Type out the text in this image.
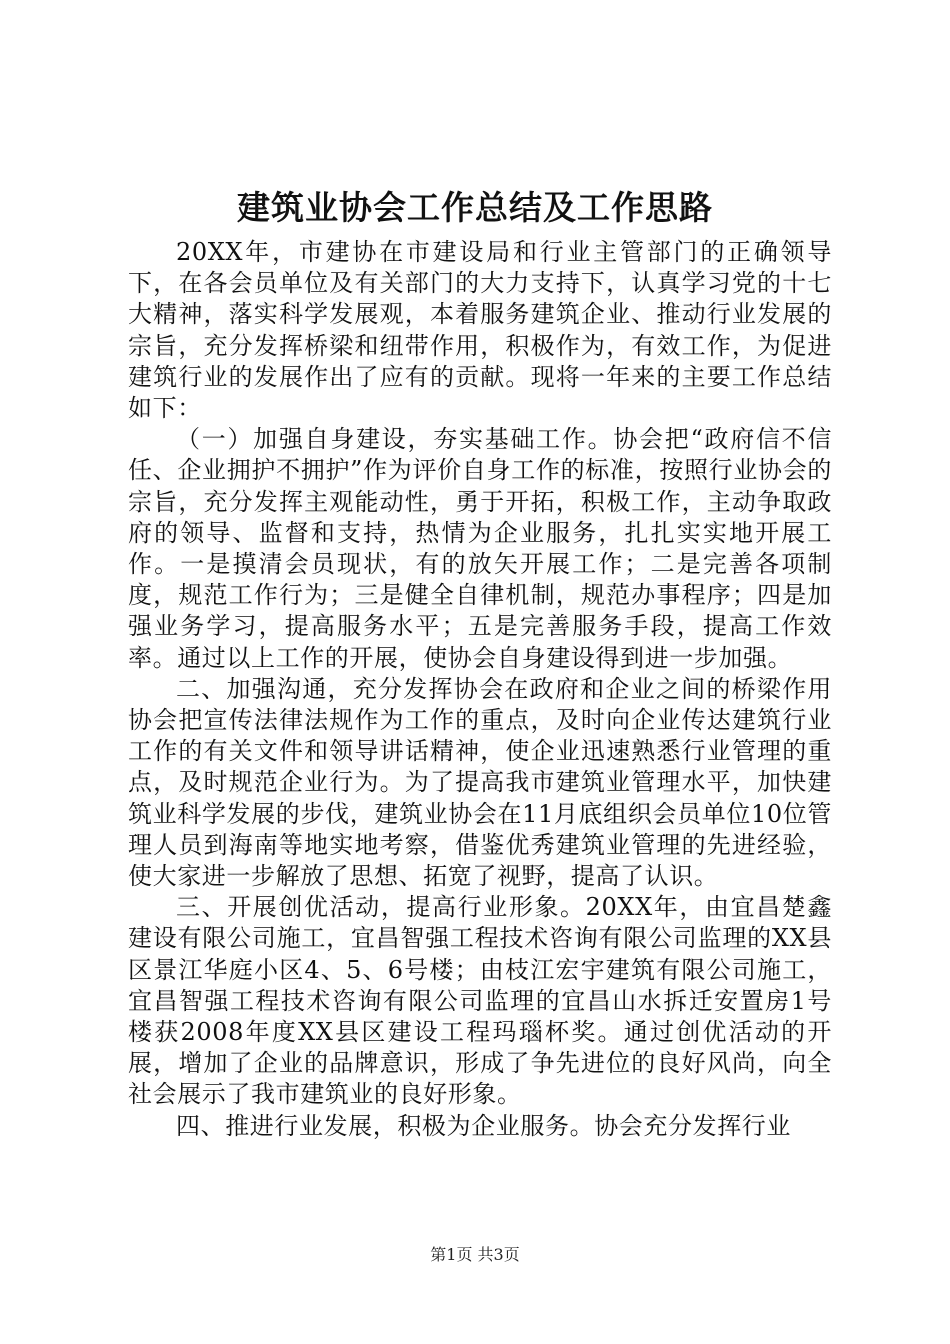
建筑业协会工作总结及工作思路

20XX年，市建协在市建设局和行业主管部门的正确领导下，在各会员单位及有关部门的大力支持下，认真学习党的十七大精神，落实科学发展观，本着服务建筑企业、推动行业发展的宗旨，充分发挥桥梁和纽带作用，积极作为，有效工作，为促进建筑行业的发展作出了应有的贡献。现将一年来的主要工作总结如下：

（一）加强自身建设，夯实基础工作。协会把“政府信不信任、企业拥护不拥护”作为评价自身工作的标准，按照行业协会的宗旨，充分发挥主观能动性，勇于开拓，积极工作，主动争取政府的领导、监督和支持，热情为企业服务，扎扎实实地开展工作。一是摸清会员现状，有的放矢开展工作；二是完善各项制度，规范工作行为；三是健全自律机制，规范办事程序；四是加强业务学习，提高服务水平；五是完善服务手段，提高工作效率。通过以上工作的开展，使协会自身建设得到进一步加强。

二、加强沟通，充分发挥协会在政府和企业之间的桥梁作用协会把宣传法律法规作为工作的重点，及时向企业传达建筑行业工作的有关文件和领导讲话精神，使企业迅速熟悉行业管理的重点，及时规范企业行为。为了提高我市建筑业管理水平，加快建筑业科学发展的步伐，建筑业协会在11月底组织会员单位10位管理人员到海南等地实地考察，借鉴优秀建筑业管理的先进经验，使大家进一步解放了思想、拓宽了视野，提高了认识。

三、开展创优活动，提高行业形象。20XX年，由宜昌楚鑫建设有限公司施工，宜昌智强工程技术咨询有限公司监理的XX县区景江华庭小区4、5、6号楼；由枝江宏宇建筑有限公司施工，宜昌智强工程技术咨询有限公司监理的宜昌山水拆迁安置房1号楼获2008年度XX县区建设工程玛瑙杯奖。通过创优活动的开展，增加了企业的品牌意识，形成了争先进位的良好风尚，向全社会展示了我市建筑业的良好形象。

四、推进行业发展，积极为企业服务。协会充分发挥行业

第1页 共3页
